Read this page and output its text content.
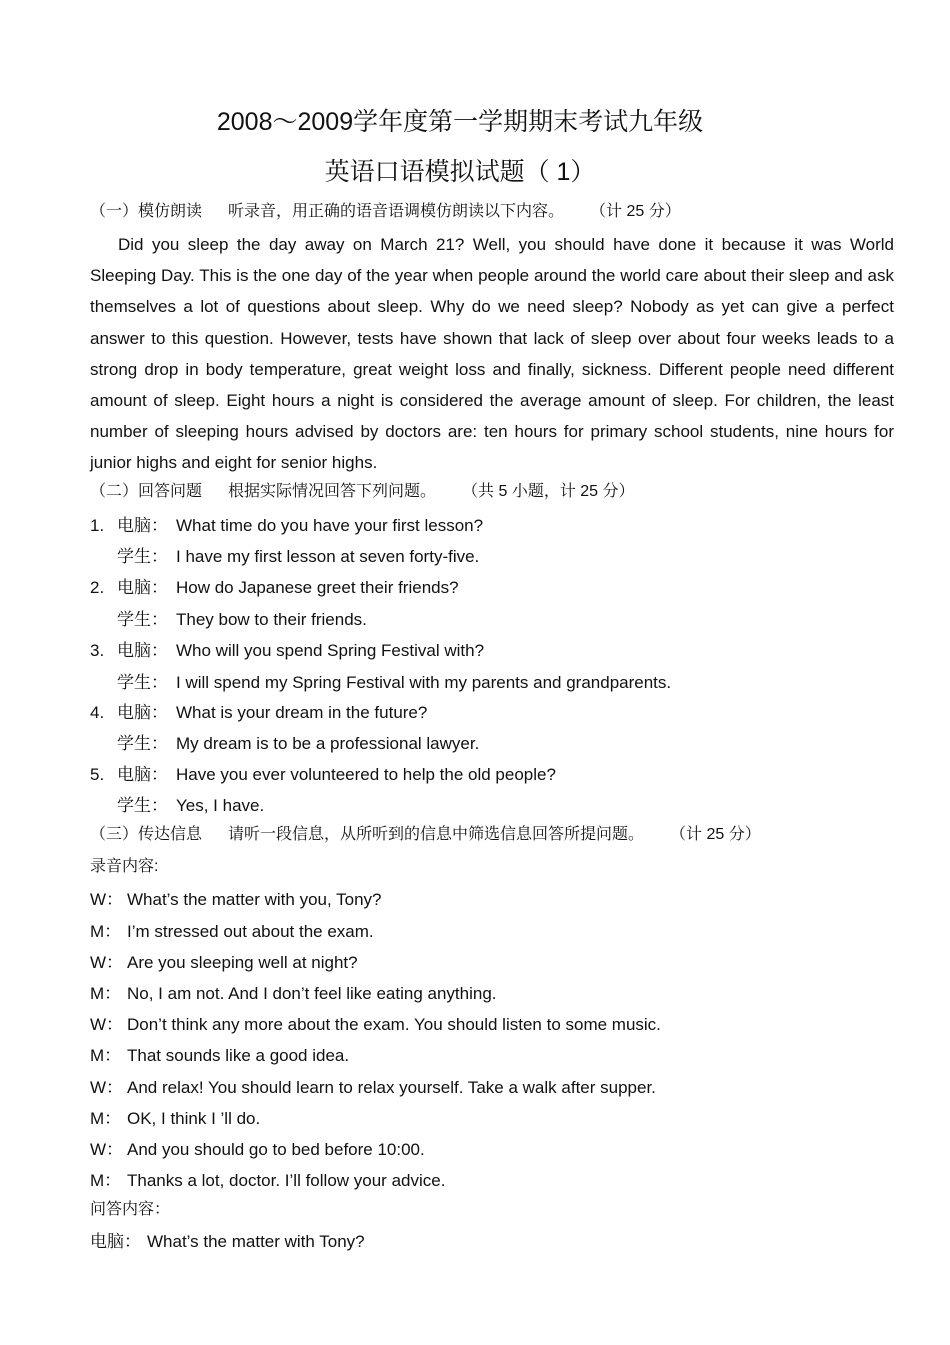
2008～2009学年度第一学期期末考试九年级
英语口语模拟试题（ 1）
（一）模仿朗读 听录音，用正确的语音语调模仿朗读以下内容。 （计 25 分）
Did you sleep the day away on March 21? Well, you should have done it because it was World Sleeping Day. This is the one day of the year when people around the world care about their sleep and ask themselves a lot of questions about sleep. Why do we need sleep? Nobody as yet can give a perfect answer to this question. However, tests have shown that lack of sleep over about four weeks leads to a strong drop in body temperature, great weight loss and finally, sickness. Different people need different amount of sleep. Eight hours a night is considered the average amount of sleep. For children, the least number of sleeping hours advised by doctors are: ten hours for primary school students, nine hours for junior highs and eight for senior highs.
（二）回答问题 根据实际情况回答下列问题。 （共 5 小题，计 25 分）
1. 电脑： What time do you have your first lesson?
学生： I have my first lesson at seven forty-five.
2. 电脑： How do Japanese greet their friends?
学生： They bow to their friends.
3. 电脑： Who will you spend Spring Festival with?
学生： I will spend my Spring Festival with my parents and grandparents.
4. 电脑： What is your dream in the future?
学生： My dream is to be a professional lawyer.
5. 电脑： Have you ever volunteered to help the old people?
学生： Yes, I have.
（三）传达信息 请听一段信息，从所听到的信息中筛选信息回答所提问题。 （计 25 分）
录音内容:
W： What’s the matter with you, Tony?
M： I’m stressed out about the exam.
W： Are you sleeping well at night?
M： No, I am not. And I don’t feel like eating anything.
W： Don’t think any more about the exam. You should listen to some music.
M： That sounds like a good idea.
W： And relax! You should learn to relax yourself. Take a walk after supper.
M： OK, I think I ’ll do.
W： And you should go to bed before 10:00.
M： Thanks a lot, doctor. I’ll follow your advice.
问答内容：
电脑： What’s the matter with Tony?
